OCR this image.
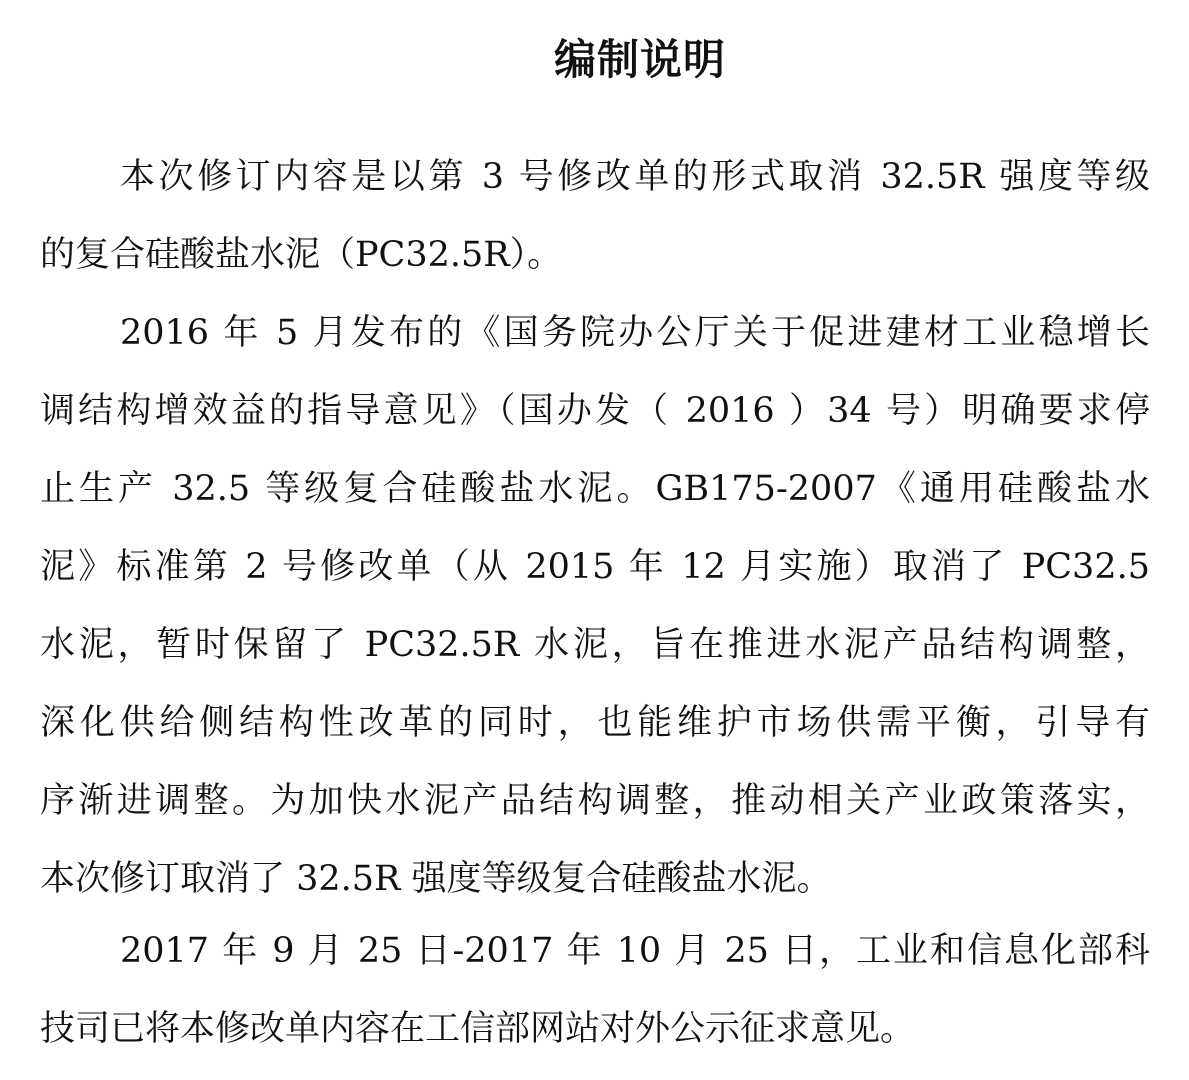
编制说明
本次修订内容是以第 3 号修改单的形式取消 32.5R 强度等级
的复合硅酸盐水泥（PC32.5R）。
2016 年 5 月发布的《国务院办公厅关于促进建材工业稳增长
调结构增效益的指导意见》（国办发（ 2016 ）34 号）明确要求停
止生产 32.5 等级复合硅酸盐水泥。GB175-2007《通用硅酸盐水
泥》标准第 2 号修改单（从 2015 年 12 月实施）取消了 PC32.5
水泥，暂时保留了 PC32.5R 水泥，旨在推进水泥产品结构调整，
深化供给侧结构性改革的同时，也能维护市场供需平衡，引导有
序渐进调整。为加快水泥产品结构调整，推动相关产业政策落实，
本次修订取消了 32.5R 强度等级复合硅酸盐水泥。
2017 年 9 月 25 日-2017 年 10 月 25 日，工业和信息化部科
技司已将本修改单内容在工信部网站对外公示征求意见。
